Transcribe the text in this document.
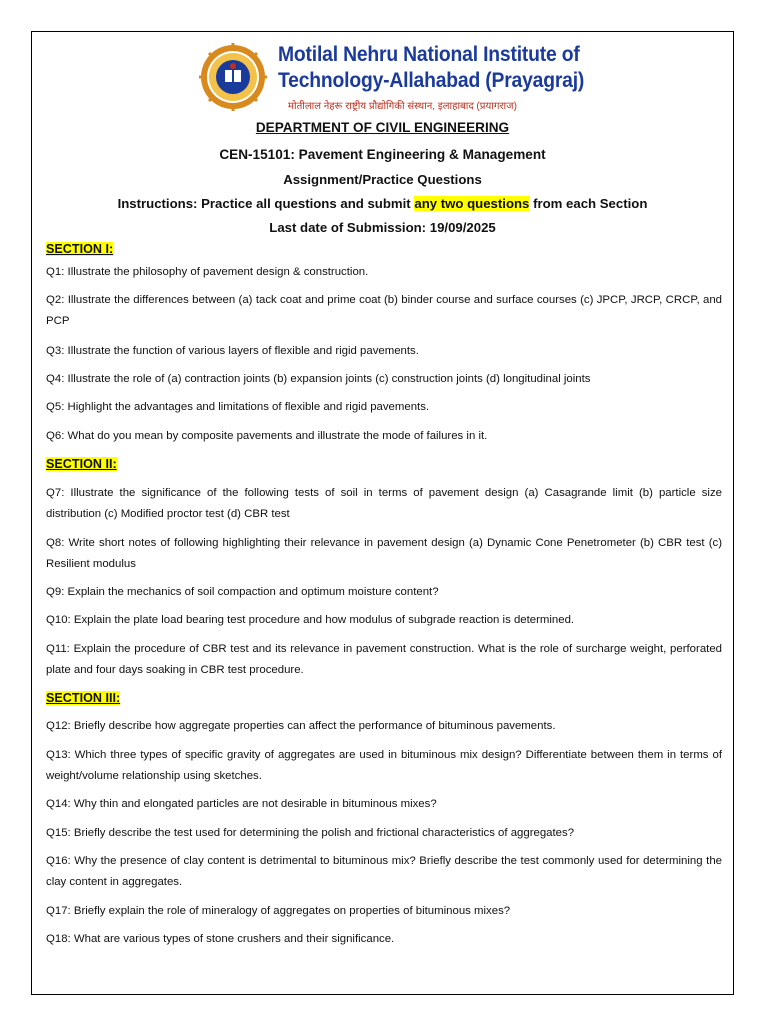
Motilal Nehru National Institute of
Technology-Allahabad (Prayagraj)
मोतीलाल नेहरू राष्ट्रीय प्रौद्योगिकी संस्थान, इलाहाबाद (प्रयागराज)
DEPARTMENT OF CIVIL ENGINEERING
CEN-15101: Pavement Engineering & Management
Assignment/Practice Questions
Instructions: Practice all questions and submit any two questions from each Section
Last date of Submission: 19/09/2025
SECTION I:
Q1: Illustrate the philosophy of pavement design & construction.
Q2: Illustrate the differences between (a) tack coat and prime coat (b) binder course and surface courses (c) JPCP, JRCP, CRCP, and PCP
Q3: Illustrate the function of various layers of flexible and rigid pavements.
Q4: Illustrate the role of (a) contraction joints (b) expansion joints (c) construction joints (d) longitudinal joints
Q5: Highlight the advantages and limitations of flexible and rigid pavements.
Q6: What do you mean by composite pavements and illustrate the mode of failures in it.
SECTION II:
Q7: Illustrate the significance of the following tests of soil in terms of pavement design (a) Casagrande limit (b) particle size distribution (c) Modified proctor test (d) CBR test
Q8: Write short notes of following highlighting their relevance in pavement design (a) Dynamic Cone Penetrometer (b) CBR test (c) Resilient modulus
Q9: Explain the mechanics of soil compaction and optimum moisture content?
Q10: Explain the plate load bearing test procedure and how modulus of subgrade reaction is determined.
Q11: Explain the procedure of CBR test and its relevance in pavement construction. What is the role of surcharge weight, perforated plate and four days soaking in CBR test procedure.
SECTION III:
Q12: Briefly describe how aggregate properties can affect the performance of bituminous pavements.
Q13: Which three types of specific gravity of aggregates are used in bituminous mix design? Differentiate between them in terms of weight/volume relationship using sketches.
Q14: Why thin and elongated particles are not desirable in bituminous mixes?
Q15: Briefly describe the test used for determining the polish and frictional characteristics of aggregates?
Q16: Why the presence of clay content is detrimental to bituminous mix? Briefly describe the test commonly used for determining the clay content in aggregates.
Q17: Briefly explain the role of mineralogy of aggregates on properties of bituminous mixes?
Q18: What are various types of stone crushers and their significance.
